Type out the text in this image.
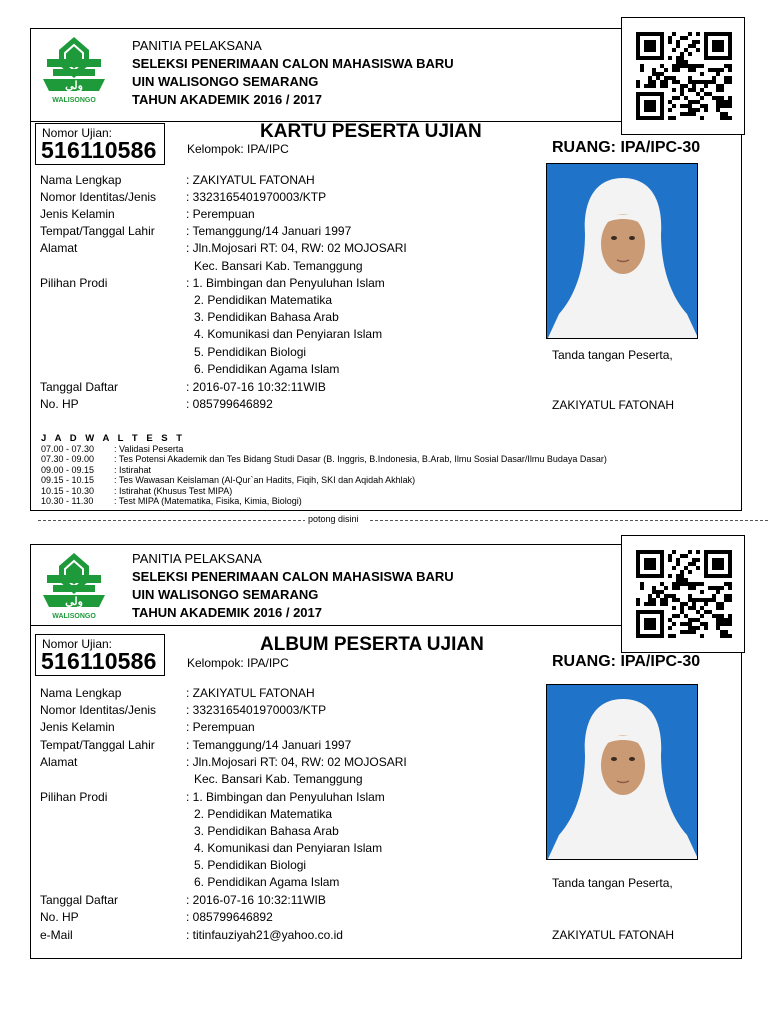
ﻭﻟﻲ
WALISONGO
PANITIA PELAKSANA
SELEKSI PENERIMAAN CALON MAHASISWA BARU
UIN WALISONGO SEMARANG
TAHUN AKADEMIK 2016 / 2017
Nomor Ujian:
516110586
KARTU PESERTA UJIAN
Kelompok: IPA/IPC	RUANG: IPA/IPC-30
Nama Lengkap	: ZAKIYATUL FATONAH
Nomor Identitas/Jenis	: 3323165401970003/KTP
Jenis Kelamin	: Perempuan
Tempat/Tanggal Lahir	: Temanggung/14 Januari 1997
Alamat	: Jln.Mojosari RT: 04, RW: 02 MOJOSARI
Kec. Bansari Kab. Temanggung
Pilihan Prodi	: 1. Bimbingan dan Penyuluhan Islam
2. Pendidikan Matematika
3. Pendidikan Bahasa Arab
4. Komunikasi dan Penyiaran Islam
5. Pendidikan Biologi
6. Pendidikan Agama Islam
Tanggal Daftar	: 2016-07-16 10:32:11WIB
No. HP	: 085799646892
Tanda tangan Peserta,
ZAKIYATUL FATONAH
J A D W A L T E S T
07.00 - 07.30 : Validasi Peserta
07.30 - 09.00 : Tes Potensi Akademik dan Tes Bidang Studi Dasar (B. Inggris, B.Indonesia, B.Arab, Ilmu Sosial Dasar/Ilmu Budaya Dasar)
09.00 - 09.15 : Istirahat
09.15 - 10.15 : Tes Wawasan Keislaman (Al-Qur`an Hadits, Fiqih, SKI dan Aqidah Akhlak)
10.15 - 10.30 : Istirahat (Khusus Test MIPA)
10.30 - 11.30 : Test MIPA (Matematika, Fisika, Kimia, Biologi)
potong disini
ﻭﻟﻲ
WALISONGO
PANITIA PELAKSANA
SELEKSI PENERIMAAN CALON MAHASISWA BARU
UIN WALISONGO SEMARANG
TAHUN AKADEMIK 2016 / 2017
Nomor Ujian:
516110586
ALBUM PESERTA UJIAN
Kelompok: IPA/IPC	RUANG: IPA/IPC-30
Nama Lengkap	: ZAKIYATUL FATONAH
Nomor Identitas/Jenis	: 3323165401970003/KTP
Jenis Kelamin	: Perempuan
Tempat/Tanggal Lahir	: Temanggung/14 Januari 1997
Alamat	: Jln.Mojosari RT: 04, RW: 02 MOJOSARI
Kec. Bansari Kab. Temanggung
Pilihan Prodi	: 1. Bimbingan dan Penyuluhan Islam
2. Pendidikan Matematika
3. Pendidikan Bahasa Arab
4. Komunikasi dan Penyiaran Islam
5. Pendidikan Biologi
6. Pendidikan Agama Islam
Tanggal Daftar	: 2016-07-16 10:32:11WIB
No. HP	: 085799646892
e-Mail	: titinfauziyah21@yahoo.co.id
Tanda tangan Peserta,
ZAKIYATUL FATONAH
